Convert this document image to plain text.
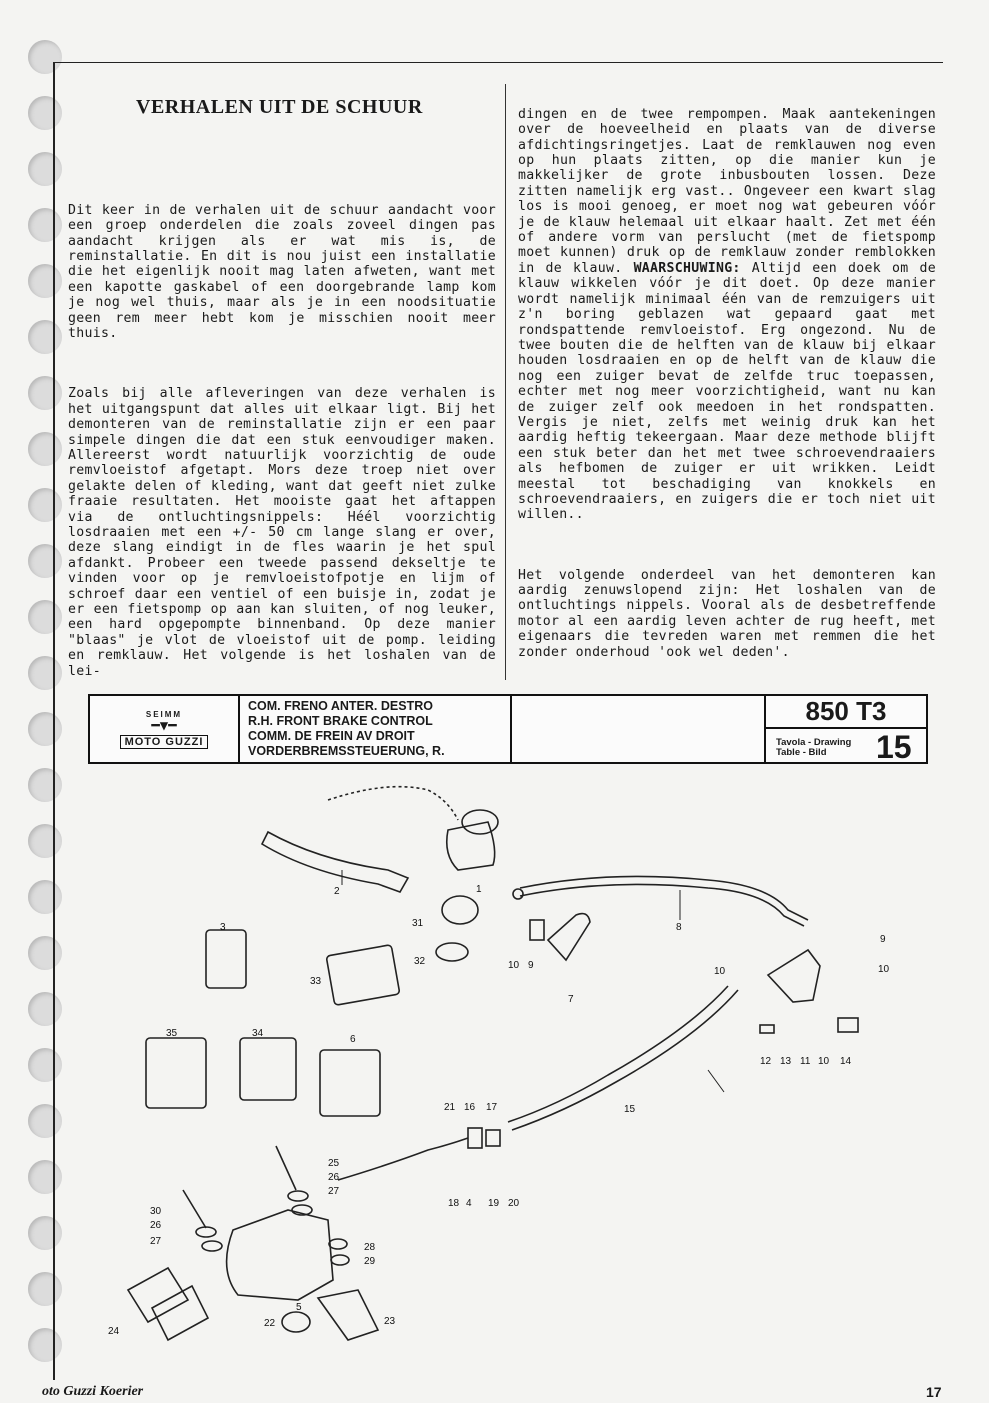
VERHALEN UIT DE SCHUUR

Dit keer in de verhalen uit de schuur aandacht voor een groep onderdelen die zoals zoveel dingen pas aandacht krijgen als er wat mis is, de reminstallatie. En dit is nou juist een installatie die het eigenlijk nooit mag laten afweten, want met een kapotte gaskabel of een doorgebrande lamp kom je nog wel thuis, maar als je in een noodsituatie geen rem meer hebt kom je misschien nooit meer thuis.

Zoals bij alle afleveringen van deze verhalen is het uitgangspunt dat alles uit elkaar ligt. Bij het demonteren van de reminstallatie zijn er een paar simpele dingen die dat een stuk eenvoudiger maken. Allereerst wordt natuurlijk voorzichtig de oude remvloeistof afgetapt. Mors deze troep niet over gelakte delen of kleding, want dat geeft niet zulke fraaie resultaten. Het mooiste gaat het aftappen via de ontluchtingsnippels: Héél voorzichtig losdraaien met een +/- 50 cm lange slang er over, deze slang eindigt in de fles waarin je het spul afdankt. Probeer een tweede passend dekseltje te vinden voor op je remvloeistofpotje en lijm of schroef daar een ventiel of een buisje in, zodat je er een fietspomp op aan kan sluiten, of nog leuker, een hard opgepompte binnenband. Op deze manier "blaas" je vlot de vloeistof uit de pomp. leiding en remklauw. Het volgende is het loshalen van de lei-

dingen en de twee rempompen. Maak aantekeningen over de hoeveelheid en plaats van de diverse afdichtingsringetjes. Laat de remklauwen nog even op hun plaats zitten, op die manier kun je makkelijker de grote inbusbouten lossen. Deze zitten namelijk erg vast.. Ongeveer een kwart slag los is mooi genoeg, er moet nog wat gebeuren vóór je de klauw helemaal uit elkaar haalt. Zet met één of andere vorm van perslucht (met de fietspomp moet kunnen) druk op de remklauw zonder remblokken in de klauw. WAARSCHUWING: Altijd een doek om de klauw wikkelen vóór je dit doet. Op deze manier wordt namelijk minimaal één van de remzuigers uit z'n boring geblazen wat gepaard gaat met rondspattende remvloeistof. Erg ongezond. Nu de twee bouten die de helften van de klauw bij elkaar houden losdraaien en op de helft van de klauw die nog een zuiger bevat de zelfde truc toepassen, echter met nog meer voorzichtigheid, want nu kan de zuiger zelf ook meedoen in het rondspatten. Vergis je niet, zelfs met weinig druk kan het aardig heftig tekeergaan. Maar deze methode blijft een stuk beter dan het met twee schroevendraaiers als hefbomen de zuiger er uit wrikken. Leidt meestal tot beschadiging van knokkels en schroevendraaiers, en zuigers die er toch niet uit willen..

Het volgende onderdeel van het demonteren kan aardig zenuwslopend zijn: Het loshalen van de ontluchtings nippels. Vooral als de desbetreffende motor al een aardig leven achter de rug heeft, met eigenaars die tevreden waren met remmen die het zonder onderhoud 'ook wel deden'.

SEIMM
━▼━
MOTO GUZZI
COM. FRENO ANTER. DESTRO
R.H. FRONT BRAKE CONTROL
COMM. DE FREIN AV DROIT
VORDERBREMSSTEUERUNG, R.
850 T3
Tavola - Drawing
Table - Bild	15
1
2
3
4
5
6
7
8
9
9
10
10	10
10
11
12 13	14
15
16 17
18	19 20
21
22	23
24
25
26
26
27
27
28
29
30
31
32
33
34
35
oto Guzzi Koerier	17
